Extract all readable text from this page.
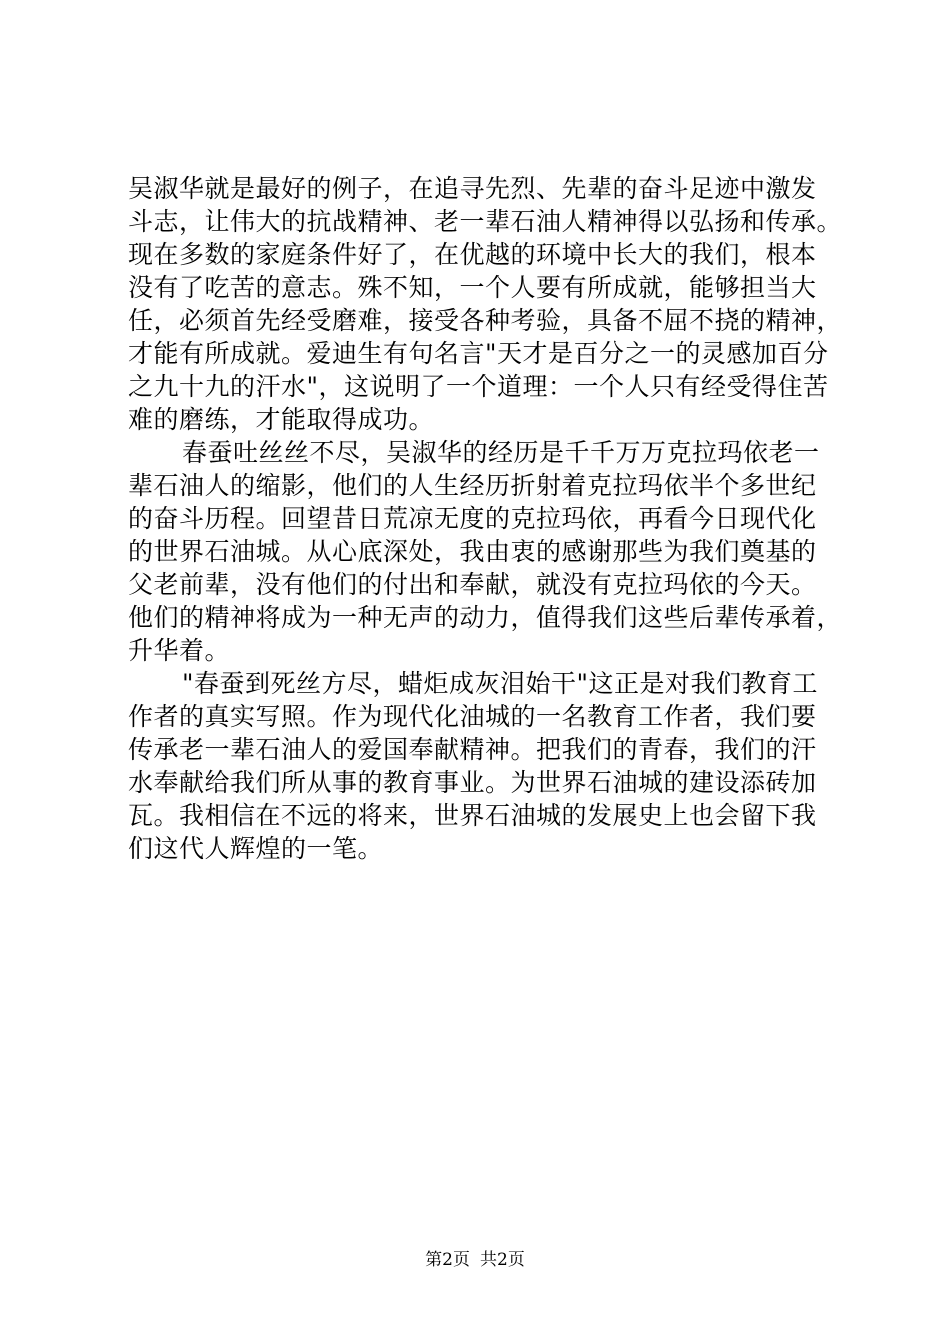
吴淑华就是最好的例子，在追寻先烈、先辈的奋斗足迹中激发
斗志，让伟大的抗战精神、老一辈石油人精神得以弘扬和传承。
现在多数的家庭条件好了，在优越的环境中长大的我们，根本
没有了吃苦的意志。殊不知，一个人要有所成就，能够担当大
任，必须首先经受磨难，接受各种考验，具备不屈不挠的精神，
才能有所成就。爱迪生有句名言"天才是百分之一的灵感加百分
之九十九的汗水"，这说明了一个道理：一个人只有经受得住苦
难的磨练，才能取得成功。
春蚕吐丝丝不尽，吴淑华的经历是千千万万克拉玛依老一
辈石油人的缩影，他们的人生经历折射着克拉玛依半个多世纪
的奋斗历程。回望昔日荒凉无度的克拉玛依，再看今日现代化
的世界石油城。从心底深处，我由衷的感谢那些为我们奠基的
父老前辈，没有他们的付出和奉献，就没有克拉玛依的今天。
他们的精神将成为一种无声的动力，值得我们这些后辈传承着，
升华着。
"春蚕到死丝方尽，蜡炬成灰泪始干"这正是对我们教育工
作者的真实写照。作为现代化油城的一名教育工作者，我们要
传承老一辈石油人的爱国奉献精神。把我们的青春，我们的汗
水奉献给我们所从事的教育事业。为世界石油城的建设添砖加
瓦。我相信在不远的将来，世界石油城的发展史上也会留下我
们这代人辉煌的一笔。
第2页 共2页
